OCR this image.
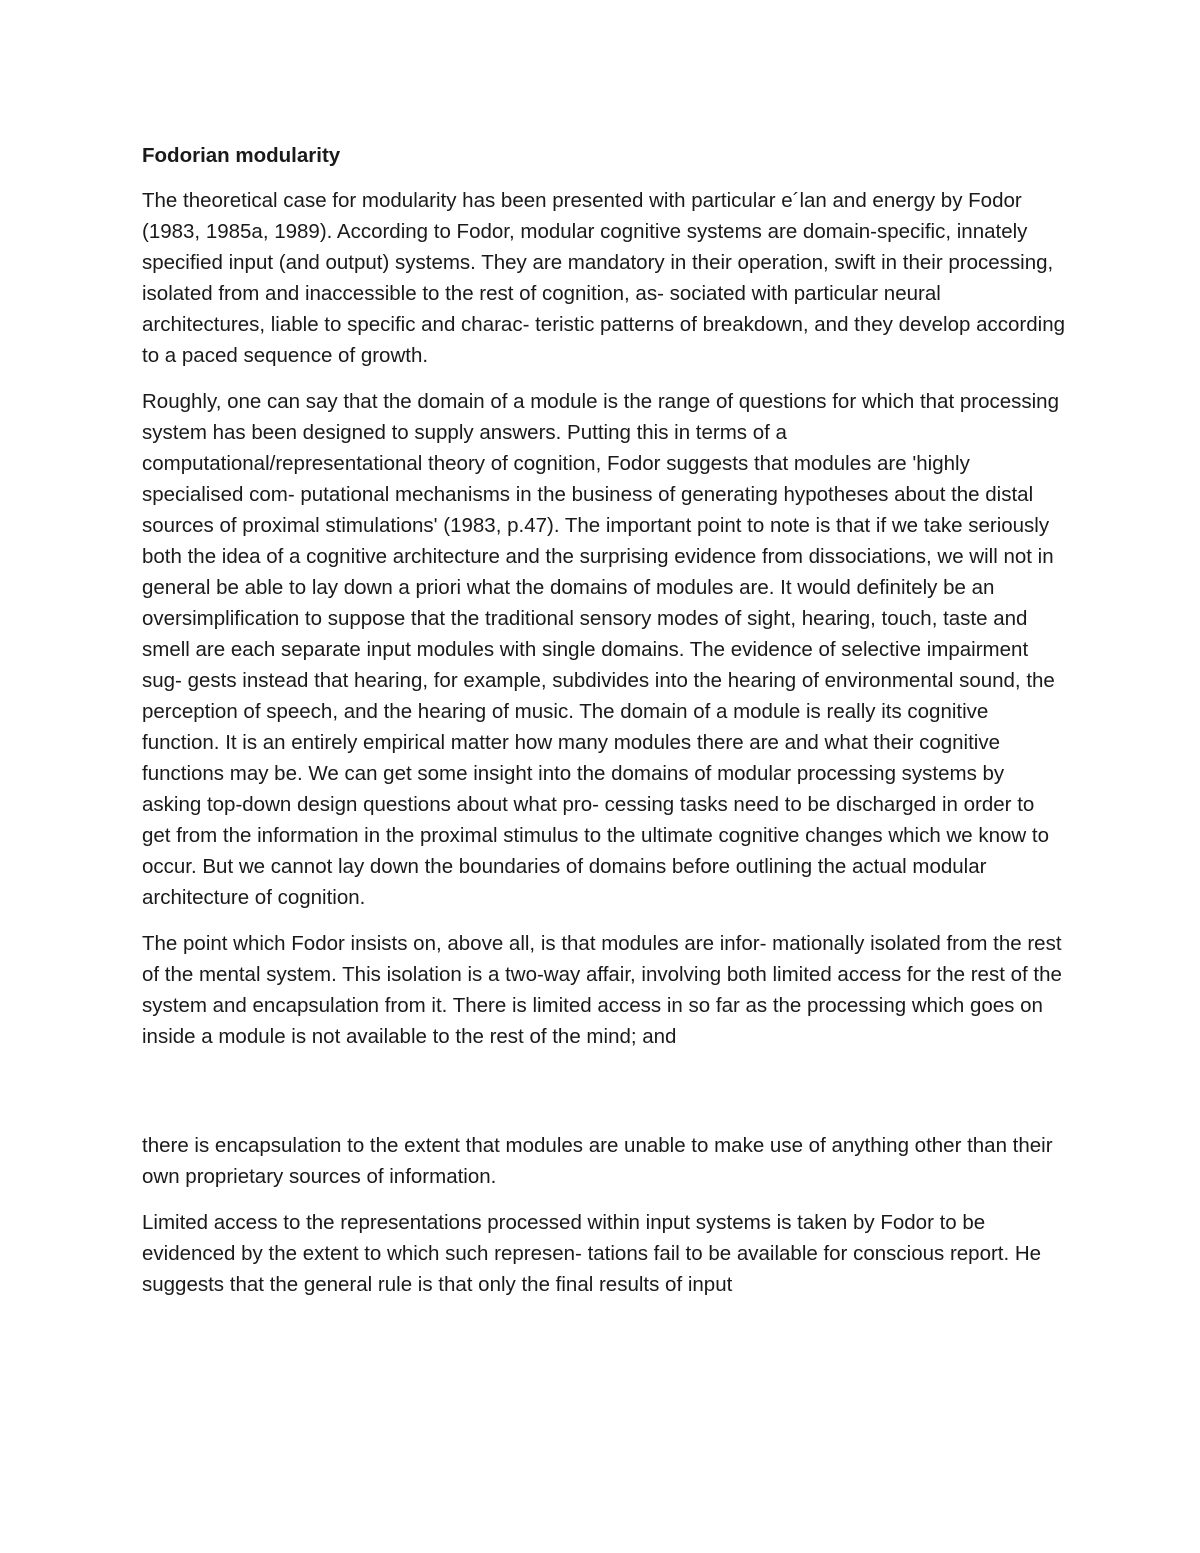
Fodorian modularity

The theoretical case for modularity has been presented with particular e´lan and energy by Fodor (1983, 1985a, 1989). According to Fodor, modular cognitive systems are domain-specific, innately specified input (and output) systems. They are mandatory in their operation, swift in their processing, isolated from and inaccessible to the rest of cognition, as- sociated with particular neural architectures, liable to specific and charac- teristic patterns of breakdown, and they develop according to a paced sequence of growth.

Roughly, one can say that the domain of a module is the range of questions for which that processing system has been designed to supply answers. Putting this in terms of a computational/representational theory of cognition, Fodor suggests that modules are 'highly specialised com- putational mechanisms in the business of generating hypotheses about the distal sources of proximal stimulations' (1983, p.47). The important point to note is that if we take seriously both the idea of a cognitive architecture and the surprising evidence from dissociations, we will not in general be able to lay down a priori what the domains of modules are. It would definitely be an oversimplification to suppose that the traditional sensory modes of sight, hearing, touch, taste and smell are each separate input modules with single domains. The evidence of selective impairment sug- gests instead that hearing, for example, subdivides into the hearing of environmental sound, the perception of speech, and the hearing of music. The domain of a module is really its cognitive function. It is an entirely empirical matter how many modules there are and what their cognitive functions may be. We can get some insight into the domains of modular processing systems by asking top-down design questions about what pro- cessing tasks need to be discharged in order to get from the information in the proximal stimulus to the ultimate cognitive changes which we know to occur. But we cannot lay down the boundaries of domains before outlining the actual modular architecture of cognition.

The point which Fodor insists on, above all, is that modules are infor- mationally isolated from the rest of the mental system. This isolation is a two-way affair, involving both limited access for the rest of the system and encapsulation from it. There is limited access in so far as the processing which goes on inside a module is not available to the rest of the mind; and

there is encapsulation to the extent that modules are unable to make use of anything other than their own proprietary sources of information.

Limited access to the representations processed within input systems is taken by Fodor to be evidenced by the extent to which such represen- tations fail to be available for conscious report. He suggests that the general rule is that only the final results of input
